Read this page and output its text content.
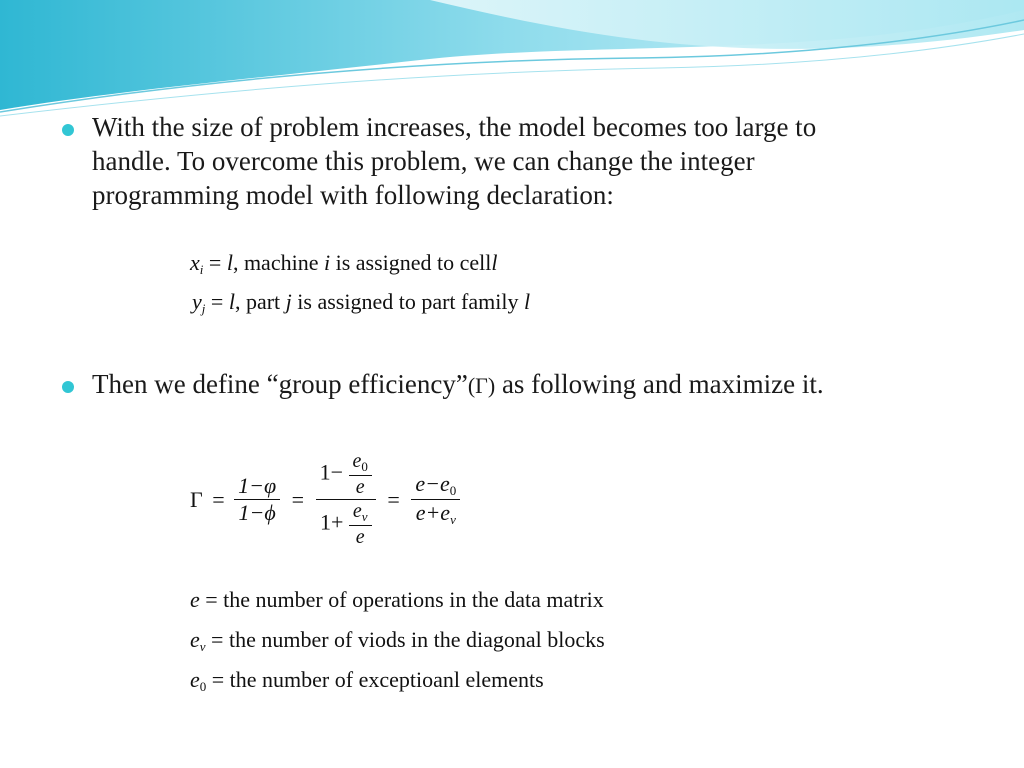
With the size of problem increases, the model becomes too large to
handle. To overcome this problem, we can change the integer
programming model with following declaration:
$x_i = l$, machine i is assigned to celll
$y_j = l$, part j is assigned to part family l
Then we define “group efficiency”(Γ) as following and maximize it.
$\Gamma = \frac{1-\varphi}{1-\phi} = \frac{1- \frac{e_0}{e}}{1+ \frac{e_v}{e}} = \frac{e-e_0}{e+e_v}$
e = the number of operations in the data matrix
$e_v$ = the number of viods in the diagonal blocks
$e_0$ = the number of exceptioanl elements
